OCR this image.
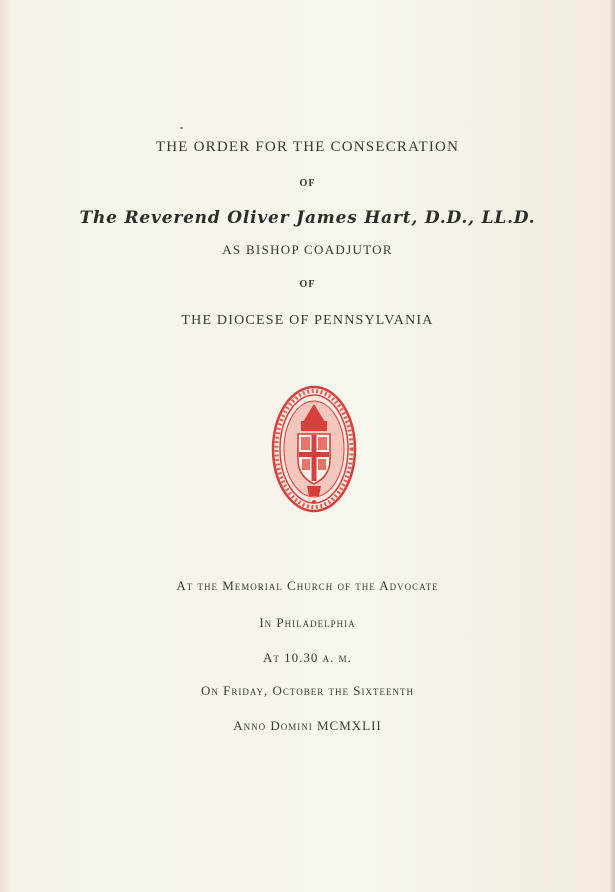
THE ORDER FOR THE CONSECRATION
OF
The Reverend Oliver James Hart, D.D., LL.D.
AS BISHOP COADJUTOR
OF
THE DIOCESE OF PENNSYLVANIA
At the Memorial Church of the Advocate
In Philadelphia
At 10.30 a. m.
On Friday, October the Sixteenth
Anno Domini MCMXLII
